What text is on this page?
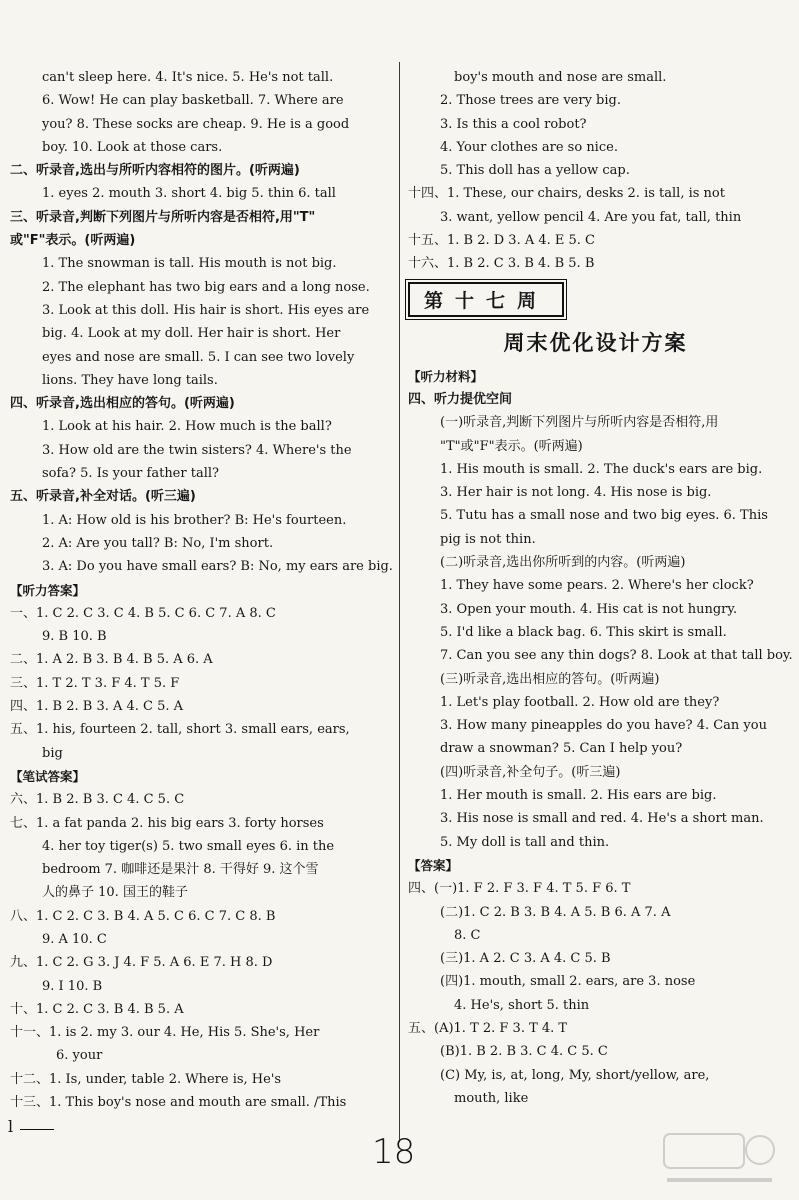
can't sleep here. 4. It's nice. 5. He's not tall.
6. Wow! He can play basketball. 7. Where are
you? 8. These socks are cheap. 9. He is a good
boy. 10. Look at those cars.
二、听录音,选出与所听内容相符的图片。(听两遍)
1. eyes 2. mouth 3. short 4. big 5. thin 6. tall
三、听录音,判断下列图片与所听内容是否相符,用"T"
或"F"表示。(听两遍)
1. The snowman is tall. His mouth is not big.
2. The elephant has two big ears and a long nose.
3. Look at this doll. His hair is short. His eyes are
big. 4. Look at my doll. Her hair is short. Her
eyes and nose are small. 5. I can see two lovely
lions. They have long tails.
四、听录音,选出相应的答句。(听两遍)
1. Look at his hair. 2. How much is the ball?
3. How old are the twin sisters? 4. Where's the
sofa? 5. Is your father tall?
五、听录音,补全对话。(听三遍)
1. A: How old is his brother? B: He's fourteen.
2. A: Are you tall? B: No, I'm short.
3. A: Do you have small ears? B: No, my ears are big.
【听力答案】
一、1. C 2. C 3. C 4. B 5. C 6. C 7. A 8. C
9. B 10. B
二、1. A 2. B 3. B 4. B 5. A 6. A
三、1. T 2. T 3. F 4. T 5. F
四、1. B 2. B 3. A 4. C 5. A
五、1. his, fourteen 2. tall, short 3. small ears, ears,
big
【笔试答案】
六、1. B 2. B 3. C 4. C 5. C
七、1. a fat panda 2. his big ears 3. forty horses
4. her toy tiger(s) 5. two small eyes 6. in the
bedroom 7. 咖啡还是果汁 8. 干得好 9. 这个雪
人的鼻子 10. 国王的鞋子
八、1. C 2. C 3. B 4. A 5. C 6. C 7. C 8. B
9. A 10. C
九、1. C 2. G 3. J 4. F 5. A 6. E 7. H 8. D
9. I 10. B
十、1. C 2. C 3. B 4. B 5. A
十一、1. is 2. my 3. our 4. He, His 5. She's, Her
6. your
十二、1. Is, under, table 2. Where is, He's
十三、1. This boy's nose and mouth are small. /This
boy's mouth and nose are small.
2. Those trees are very big.
3. Is this a cool robot?
4. Your clothes are so nice.
5. This doll has a yellow cap.
十四、1. These, our chairs, desks 2. is tall, is not
3. want, yellow pencil 4. Are you fat, tall, thin
十五、1. B 2. D 3. A 4. E 5. C
十六、1. B 2. C 3. B 4. B 5. B
第十七周
周末优化设计方案
【听力材料】
四、听力提优空间
(一)听录音,判断下列图片与所听内容是否相符,用
"T"或"F"表示。(听两遍)
1. His mouth is small. 2. The duck's ears are big.
3. Her hair is not long. 4. His nose is big.
5. Tutu has a small nose and two big eyes. 6. This
pig is not thin.
(二)听录音,选出你所听到的内容。(听两遍)
1. They have some pears. 2. Where's her clock?
3. Open your mouth. 4. His cat is not hungry.
5. I'd like a black bag. 6. This skirt is small.
7. Can you see any thin dogs? 8. Look at that tall boy.
(三)听录音,选出相应的答句。(听两遍)
1. Let's play football. 2. How old are they?
3. How many pineapples do you have? 4. Can you
draw a snowman? 5. Can I help you?
(四)听录音,补全句子。(听三遍)
1. Her mouth is small. 2. His ears are big.
3. His nose is small and red. 4. He's a short man.
5. My doll is tall and thin.
【答案】
四、(一)1. F 2. F 3. F 4. T 5. F 6. T
(二)1. C 2. B 3. B 4. A 5. B 6. A 7. A
8. C
(三)1. A 2. C 3. A 4. C 5. B
(四)1. mouth, small 2. ears, are 3. nose
4. He's, short 5. thin
五、(A)1. T 2. F 3. T 4. T
(B)1. B 2. B 3. C 4. C 5. C
(C) My, is, at, long, My, short/yellow, are,
mouth, like
l
18
